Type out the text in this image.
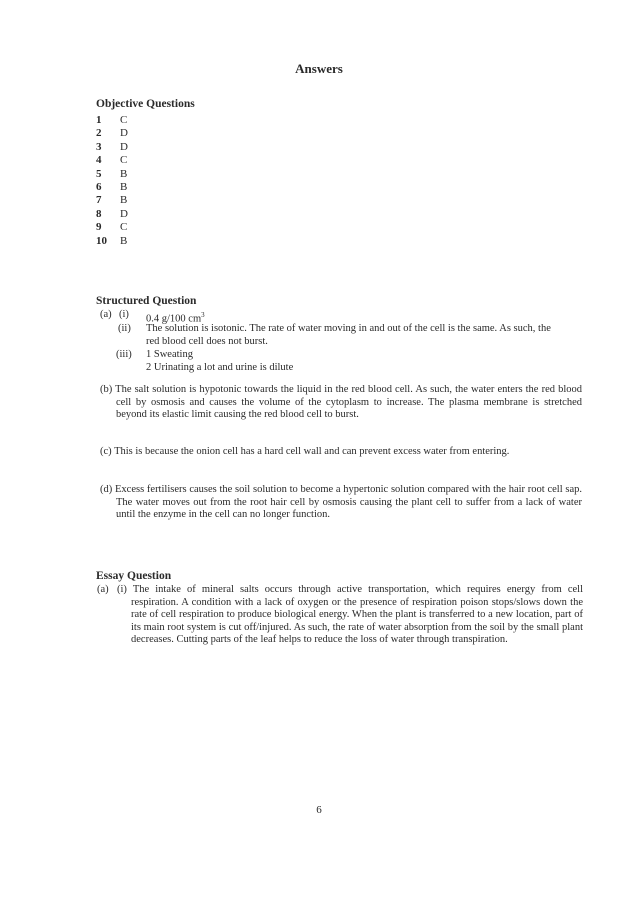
Answers
Objective Questions
1	C
2	D
3	D
4	C
5	B
6	B
7	B
8	D
9	C
10	B
Structured Question
(a) (i) 0.4 g/100 $cm^3$
(ii) The solution is isotonic. The rate of water moving in and out of the cell is the same. As such, the red blood cell does not burst.
(iii) 1 Sweating
2 Urinating a lot and urine is dilute
(b) The salt solution is hypotonic towards the liquid in the red blood cell. As such, the water enters the red blood cell by osmosis and causes the volume of the cytoplasm to increase. The plasma membrane is stretched beyond its elastic limit causing the red blood cell to burst.
(c) This is because the onion cell has a hard cell wall and can prevent excess water from entering.
(d) Excess fertilisers causes the soil solution to become a hypertonic solution compared with the hair root cell sap. The water moves out from the root hair cell by osmosis causing the plant cell to suffer from a lack of water until the enzyme in the cell can no longer function.
Essay Question
(a) (i) The intake of mineral salts occurs through active transportation, which requires energy from cell respiration. A condition with a lack of oxygen or the presence of respiration poison stops/slows down the rate of cell respiration to produce biological energy. When the plant is transferred to a new location, part of its main root system is cut off/injured. As such, the rate of water absorption from the soil by the small plant decreases. Cutting parts of the leaf helps to reduce the loss of water through transpiration.
6
